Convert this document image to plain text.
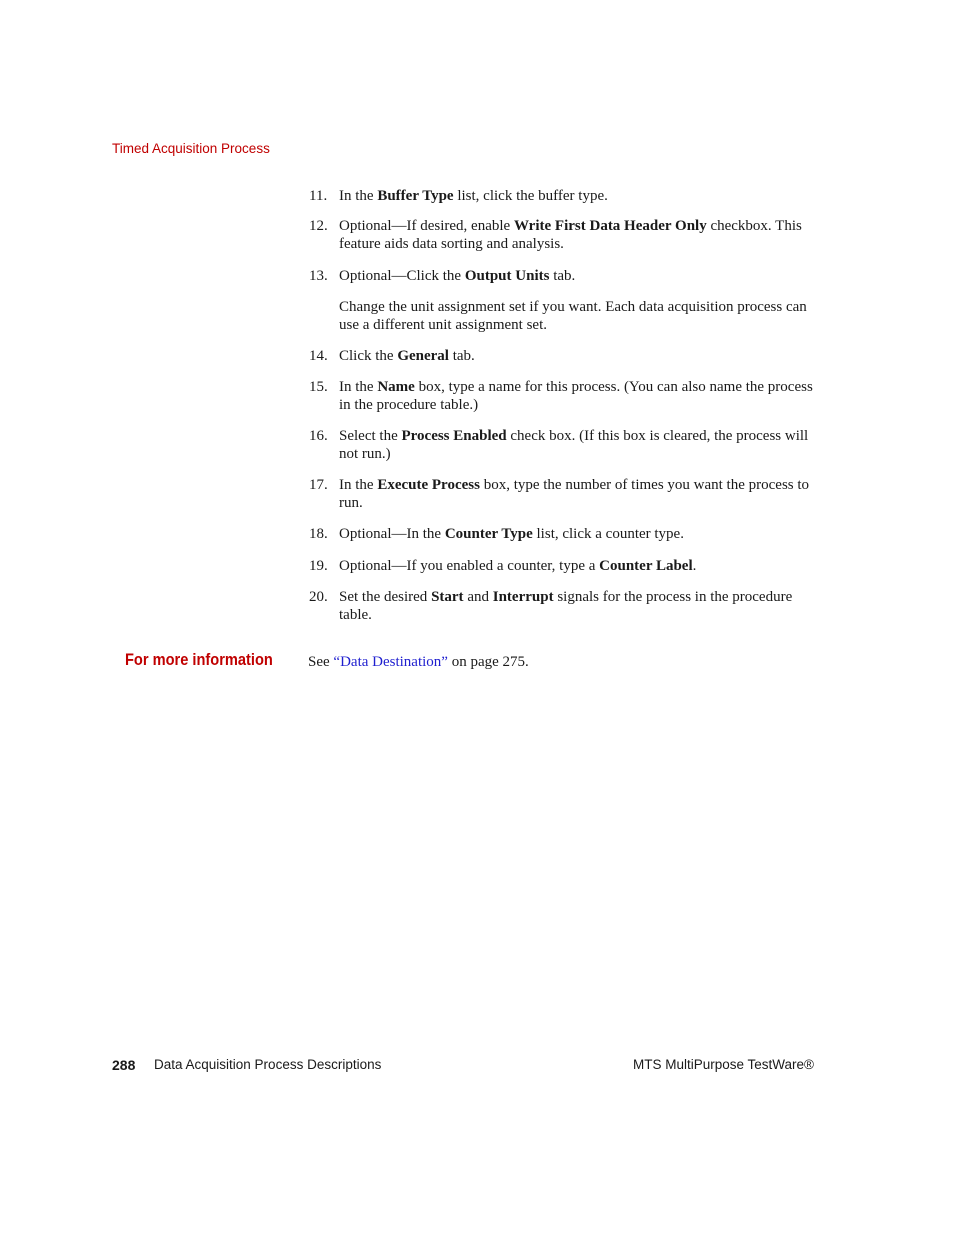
Timed Acquisition Process
11. In the Buffer Type list, click the buffer type.
12. Optional—If desired, enable Write First Data Header Only checkbox. This feature aids data sorting and analysis.
13. Optional—Click the Output Units tab.
Change the unit assignment set if you want. Each data acquisition process can use a different unit assignment set.
14. Click the General tab.
15. In the Name box, type a name for this process. (You can also name the process in the procedure table.)
16. Select the Process Enabled check box. (If this box is cleared, the process will not run.)
17. In the Execute Process box, type the number of times you want the process to run.
18. Optional—In the Counter Type list, click a counter type.
19. Optional—If you enabled a counter, type a Counter Label.
20. Set the desired Start and Interrupt signals for the process in the procedure table.
For more information See “Data Destination” on page 275.
288 Data Acquisition Process Descriptions	MTS MultiPurpose TestWare®
